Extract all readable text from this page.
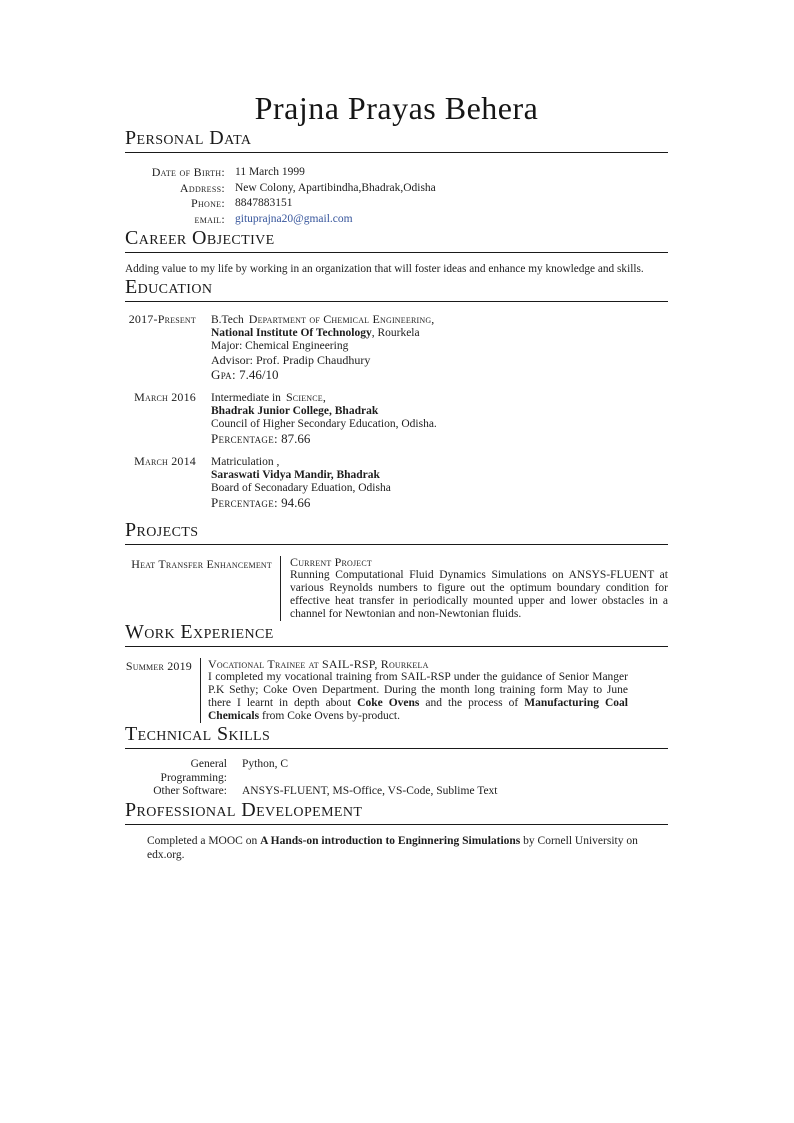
Prajna Prayas Behera
Personal Data
Date of Birth: 11 March 1999
Address: New Colony, Apartibindha,Bhadrak,Odisha
Phone: 8847883151
email: gituprajna20@gmail.com
Career Objective
Adding value to my life by working in an organization that will foster ideas and enhance my knowledge and skills.
Education
2017-Present B.Tech Department of Chemical Engineering,
National Institute Of Technology, Rourkela
Major: Chemical Engineering
Advisor: Prof. Pradip Chaudhury
Gpa: 7.46/10
March 2016 Intermediate in Science,
Bhadrak Junior College, Bhadrak
Council of Higher Secondary Education, Odisha.
Percentage: 87.66
March 2014 Matriculation ,
Saraswati Vidya Mandir, Bhadrak
Board of Seconadary Eduation, Odisha
Percentage: 94.66
Projects
Heat Transfer Enhancement Current Project
Running Computational Fluid Dynamics Simulations on ANSYS-FLUENT at various Reynolds numbers to figure out the optimum boundary condition for effective heat transfer in periodically mounted upper and lower obstacles in a channel for Newtonian and non-Newtonian fluids.
Work Experience
Summer 2019 Vocational Trainee at SAIL-RSP, Rourkela
I completed my vocational training from SAIL-RSP under the guidance of Senior Manger P.K Sethy; Coke Oven Department. During the month long training form May to June there I learnt in depth about Coke Ovens and the process of Manufacturing Coal Chemicals from Coke Ovens by-product.
Technical Skills
General Programming:
Python, C
Other Software: ANSYS-FLUENT, MS-Office, VS-Code, Sublime Text
Professional Developement
Completed a MOOC on A Hands-on introduction to Enginnering Simulations by Cornell University on edx.org.
